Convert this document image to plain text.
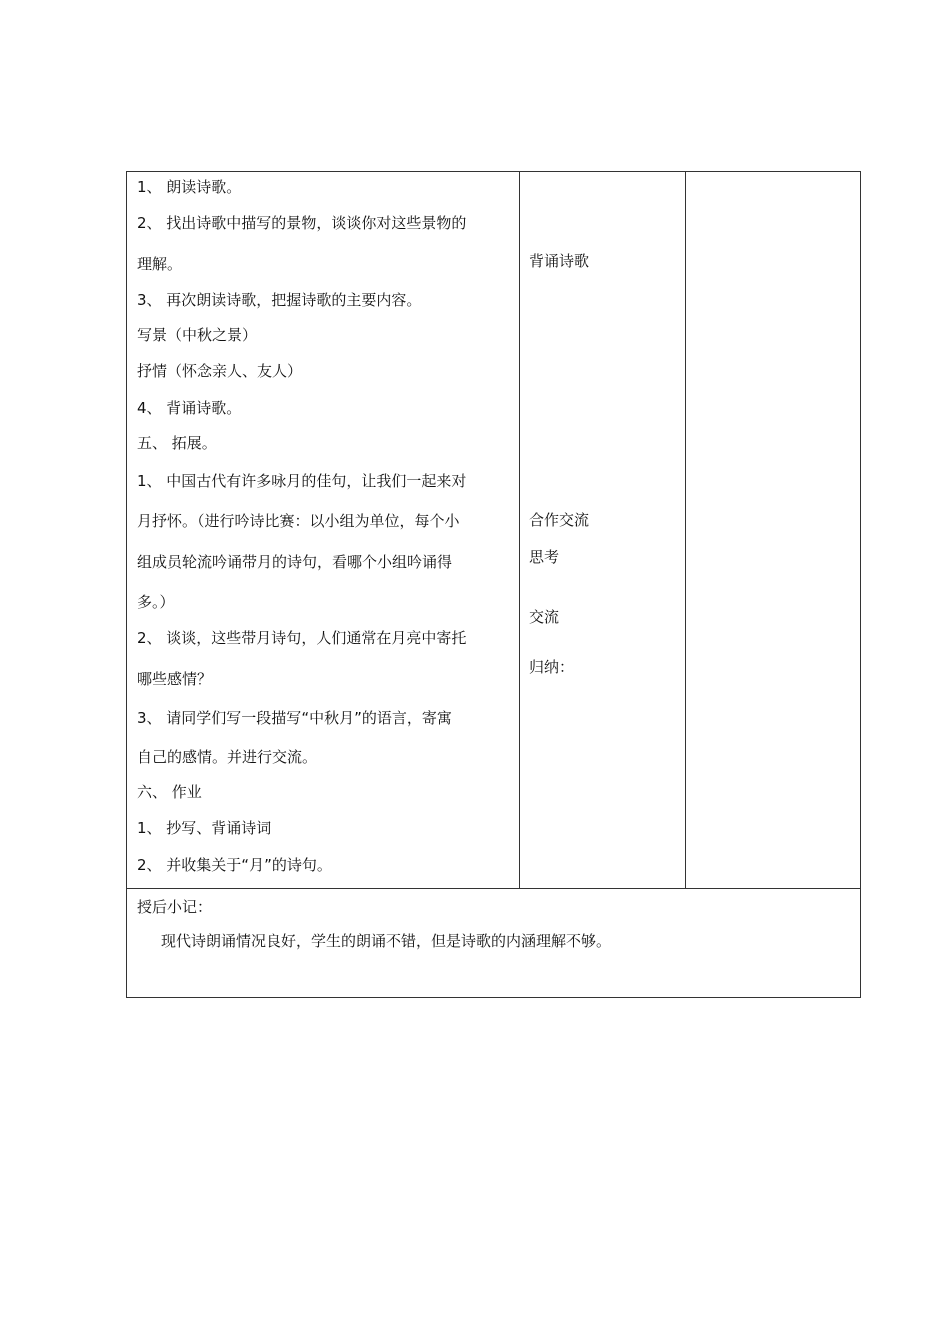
1、 朗读诗歌。
2、 找出诗歌中描写的景物，谈谈你对这些景物的
理解。
3、 再次朗读诗歌，把握诗歌的主要内容。
写景（中秋之景）
抒情（怀念亲人、友人）
4、 背诵诗歌。
五、 拓展。
1、 中国古代有许多咏月的佳句，让我们一起来对
月抒怀。（进行吟诗比赛：以小组为单位，每个小
组成员轮流吟诵带月的诗句，看哪个小组吟诵得
多。）
2、 谈谈，这些带月诗句，人们通常在月亮中寄托
哪些感情？
3、 请同学们写一段描写“中秋月”的语言，寄寓
自己的感情。并进行交流。
六、 作业
1、 抄写、背诵诗词
2、 并收集关于“月”的诗句。
背诵诗歌
合作交流
思考
交流
归纳：
授后小记：
现代诗朗诵情况良好，学生的朗诵不错，但是诗歌的内涵理解不够。
